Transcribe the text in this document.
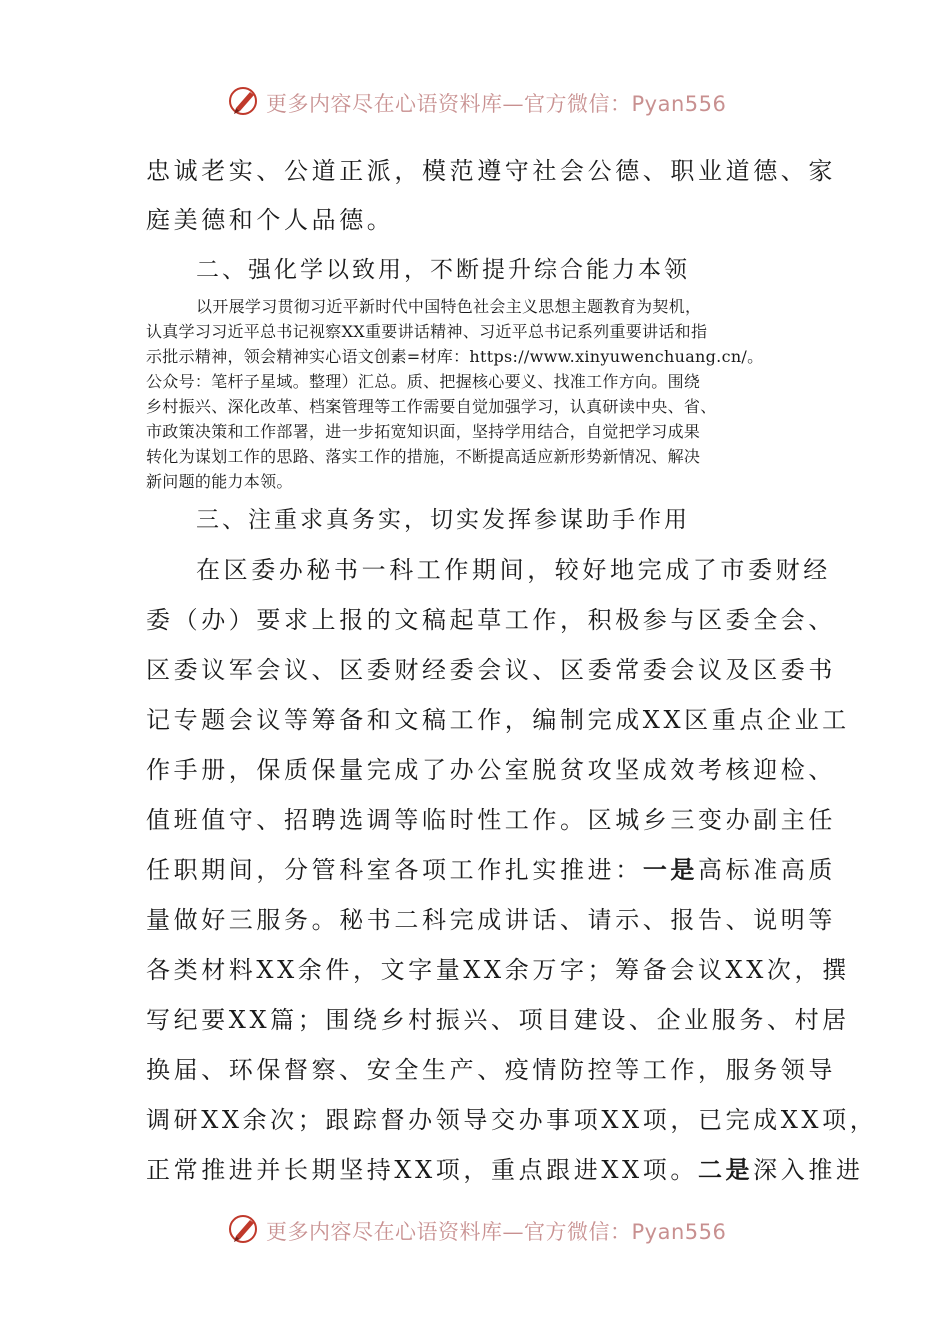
更多内容尽在心语资料库—官方微信：Pyan556
忠诚老实、公道正派，模范遵守社会公德、职业道德、家
庭美德和个人品德。
二、强化学以致用，不断提升综合能力本领
以开展学习贯彻习近平新时代中国特色社会主义思想主题教育为契机，
认真学习习近平总书记视察XX重要讲话精神、习近平总书记系列重要讲话和指
示批示精神，领会精神实心语文创素=材库：https://www.xinyuwenchuang.cn/。
公众号：笔杆子星域。整理）汇总。质、把握核心要义、找准工作方向。围绕
乡村振兴、深化改革、档案管理等工作需要自觉加强学习，认真研读中央、省、
市政策决策和工作部署，进一步拓宽知识面，坚持学用结合，自觉把学习成果
转化为谋划工作的思路、落实工作的措施，不断提高适应新形势新情况、解决
新问题的能力本领。
三、注重求真务实，切实发挥参谋助手作用
在区委办秘书一科工作期间，较好地完成了市委财经
委（办）要求上报的文稿起草工作，积极参与区委全会、
区委议军会议、区委财经委会议、区委常委会议及区委书
记专题会议等筹备和文稿工作，编制完成XX区重点企业工
作手册，保质保量完成了办公室脱贫攻坚成效考核迎检、
值班值守、招聘选调等临时性工作。区城乡三变办副主任
任职期间，分管科室各项工作扎实推进：一是高标准高质
量做好三服务。秘书二科完成讲话、请示、报告、说明等
各类材料XX余件，文字量XX余万字；筹备会议XX次，撰
写纪要XX篇；围绕乡村振兴、项目建设、企业服务、村居
换届、环保督察、安全生产、疫情防控等工作，服务领导
调研XX余次；跟踪督办领导交办事项XX项，已完成XX项，
正常推进并长期坚持XX项，重点跟进XX项。二是深入推进
更多内容尽在心语资料库—官方微信：Pyan556
